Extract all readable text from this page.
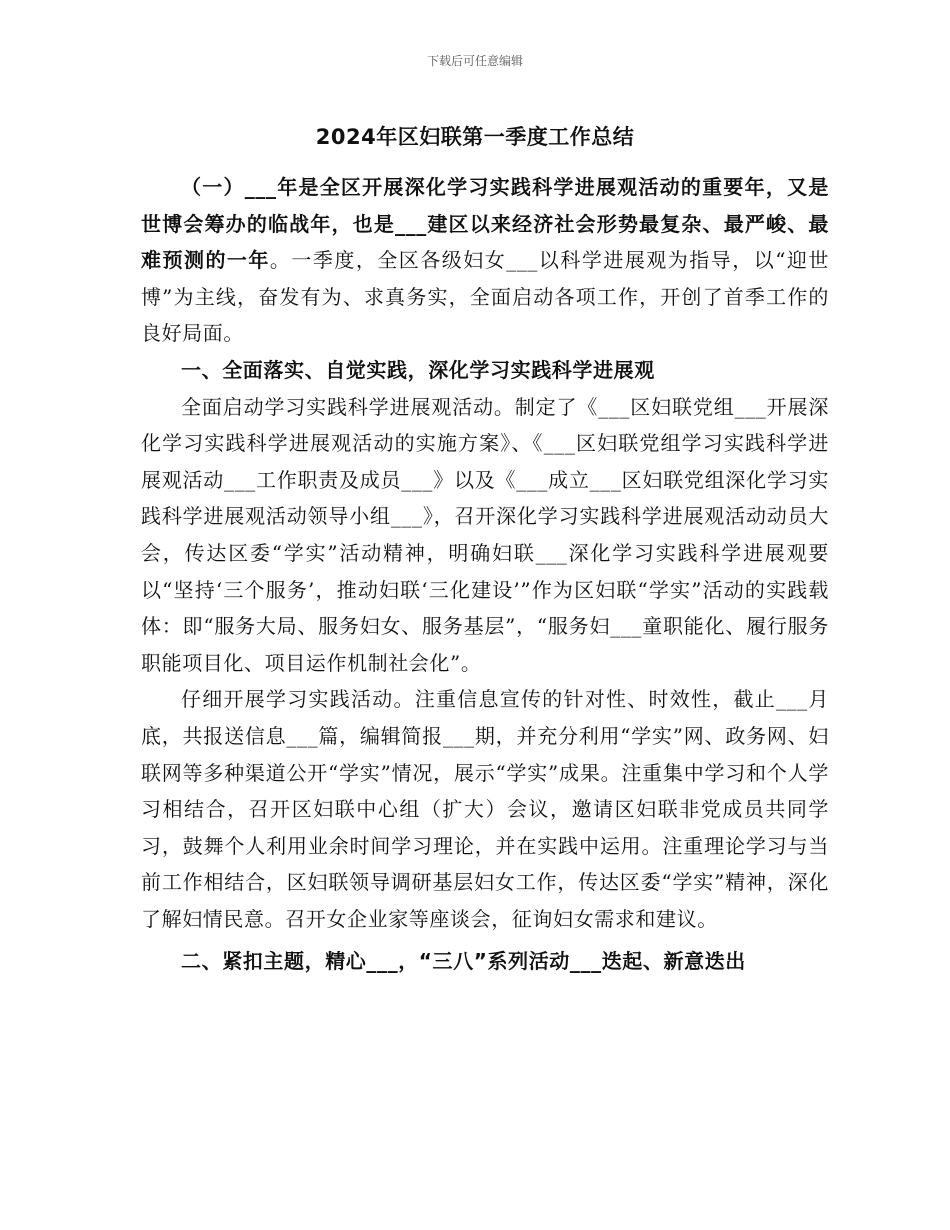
下载后可任意编辑
2024年区妇联第一季度工作总结

（一）___年是全区开展深化学习实践科学进展观活动的重要年，又是世博会筹办的临战年，也是___建区以来经济社会形势最复杂、最严峻、最难预测的一年。一季度，全区各级妇女___以科学进展观为指导，以“迎世博”为主线，奋发有为、求真务实，全面启动各项工作，开创了首季工作的良好局面。

一、全面落实、自觉实践，深化学习实践科学进展观

全面启动学习实践科学进展观活动。制定了《___区妇联党组___开展深化学习实践科学进展观活动的实施方案》、《___区妇联党组学习实践科学进展观活动___工作职责及成员___》以及《___成立___区妇联党组深化学习实践科学进展观活动领导小组___》，召开深化学习实践科学进展观活动动员大会，传达区委“学实”活动精神，明确妇联___深化学习实践科学进展观要以“坚持‘三个服务’，推动妇联‘三化建设’”作为区妇联“学实”活动的实践载体：即“服务大局、服务妇女、服务基层”，“服务妇___童职能化、履行服务职能项目化、项目运作机制社会化”。

仔细开展学习实践活动。注重信息宣传的针对性、时效性，截止___月底，共报送信息___篇，编辑简报___期，并充分利用“学实”网、政务网、妇联网等多种渠道公开“学实”情况，展示“学实”成果。注重集中学习和个人学习相结合，召开区妇联中心组（扩大）会议，邀请区妇联非党成员共同学习，鼓舞个人利用业余时间学习理论，并在实践中运用。注重理论学习与当前工作相结合，区妇联领导调研基层妇女工作，传达区委“学实”精神，深化了解妇情民意。召开女企业家等座谈会，征询妇女需求和建议。

二、紧扣主题，精心___，“三八”系列活动___迭起、新意迭出
